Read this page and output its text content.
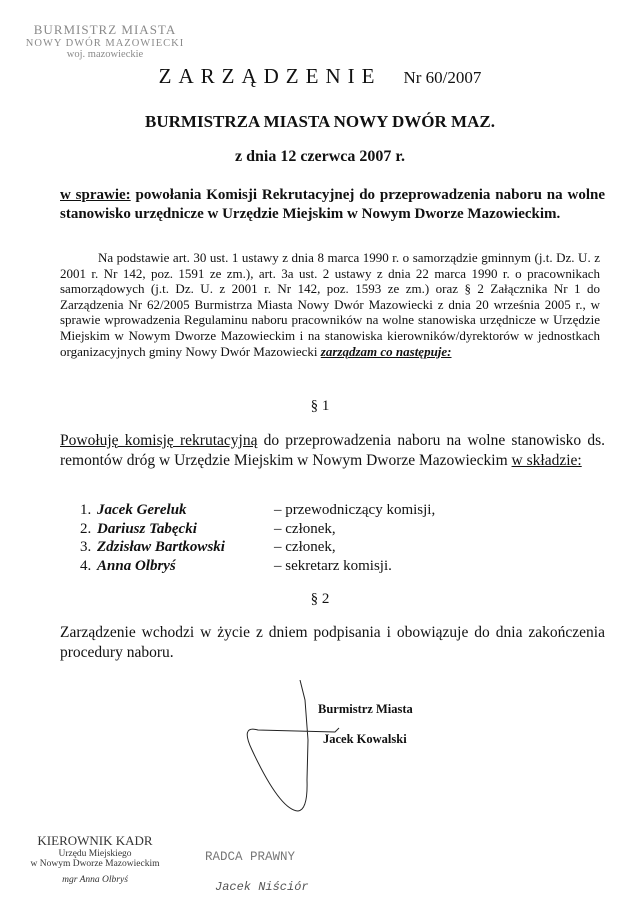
BURMISTRZ MIASTA
NOWY DWÓR MAZOWIECKI
woj. mazowieckie
ZARZĄDZENIE Nr 60/2007
BURMISTRZA MIASTA NOWY DWÓR MAZ.
z dnia 12 czerwca 2007 r.
w sprawie: powołania Komisji Rekrutacyjnej do przeprowadzenia naboru na wolne stanowisko urzędnicze w Urzędzie Miejskim w Nowym Dworze Mazowieckim.
Na podstawie art. 30 ust. 1 ustawy z dnia 8 marca 1990 r. o samorządzie gminnym (j.t. Dz. U. z 2001 r. Nr 142, poz. 1591 ze zm.), art. 3a ust. 2 ustawy z dnia 22 marca 1990 r. o pracownikach samorządowych (j.t. Dz. U. z 2001 r. Nr 142, poz. 1593 ze zm.) oraz § 2 Załącznika Nr 1 do Zarządzenia Nr 62/2005 Burmistrza Miasta Nowy Dwór Mazowiecki z dnia 20 września 2005 r., w sprawie wprowadzenia Regulaminu naboru pracowników na wolne stanowiska urzędnicze w Urzędzie Miejskim w Nowym Dworze Mazowieckim i na stanowiska kierowników/dyrektorów w jednostkach organizacyjnych gminy Nowy Dwór Mazowiecki zarządzam co następuje:
§ 1
Powołuję komisję rekrutacyjną do przeprowadzenia naboru na wolne stanowisko ds. remontów dróg w Urzędzie Miejskim w Nowym Dworze Mazowieckim w składzie:
1. Jacek Gereluk	– przewodniczący komisji,
2. Dariusz Tabęcki	– członek,
3. Zdzisław Bartkowski	– członek,
4. Anna Olbryś	– sekretarz komisji.
§ 2
Zarządzenie wchodzi w życie z dniem podpisania i obowiązuje do dnia zakończenia procedury naboru.
Burmistrz Miasta
Jacek Kowalski
KIEROWNIK KADR
Urzędu Miejskiego
w Nowym Dworze Mazowieckim
mgr Anna Olbryś
RADCA PRAWNY
Jacek Niściór
